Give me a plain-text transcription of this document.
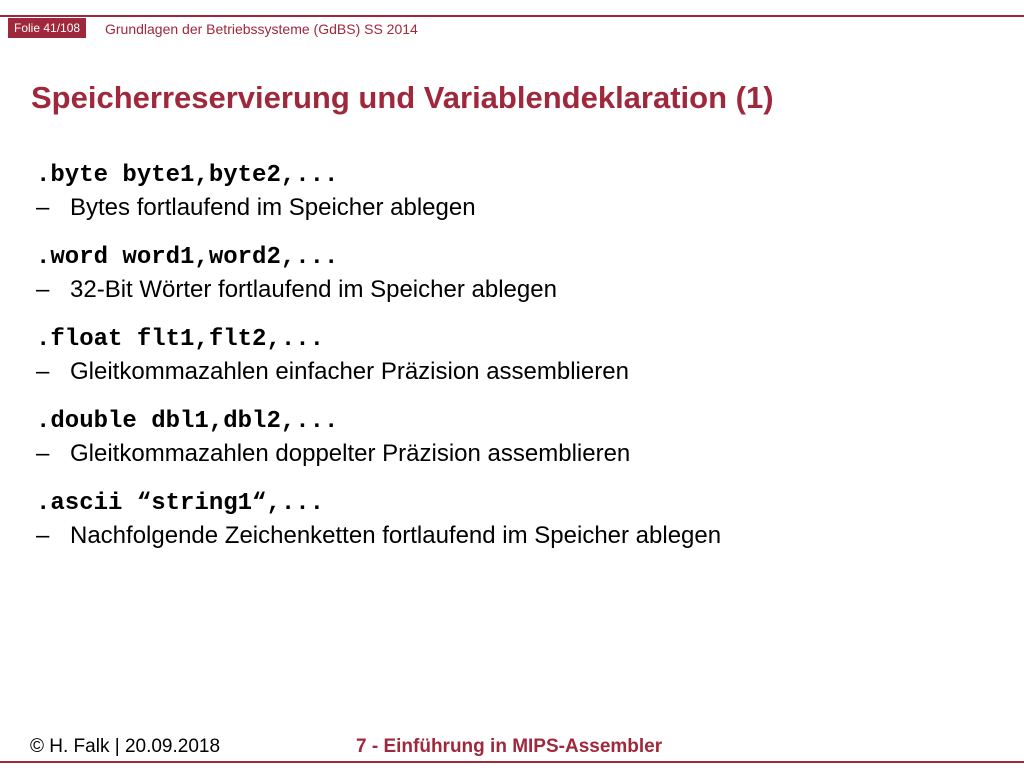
Folie 41/108	Grundlagen der Betriebssysteme (GdBS) SS 2014
Speicherreservierung und Variablendeklaration (1)
.byte byte1,byte2,...
– Bytes fortlaufend im Speicher ablegen
.word word1,word2,...
– 32-Bit Wörter fortlaufend im Speicher ablegen
.float flt1,flt2,...
– Gleitkommazahlen einfacher Präzision assemblieren
.double dbl1,dbl2,...
– Gleitkommazahlen doppelter Präzision assemblieren
.ascii “string1“,...
– Nachfolgende Zeichenketten fortlaufend im Speicher ablegen
© H. Falk | 20.09.2018	7 - Einführung in MIPS-Assembler
